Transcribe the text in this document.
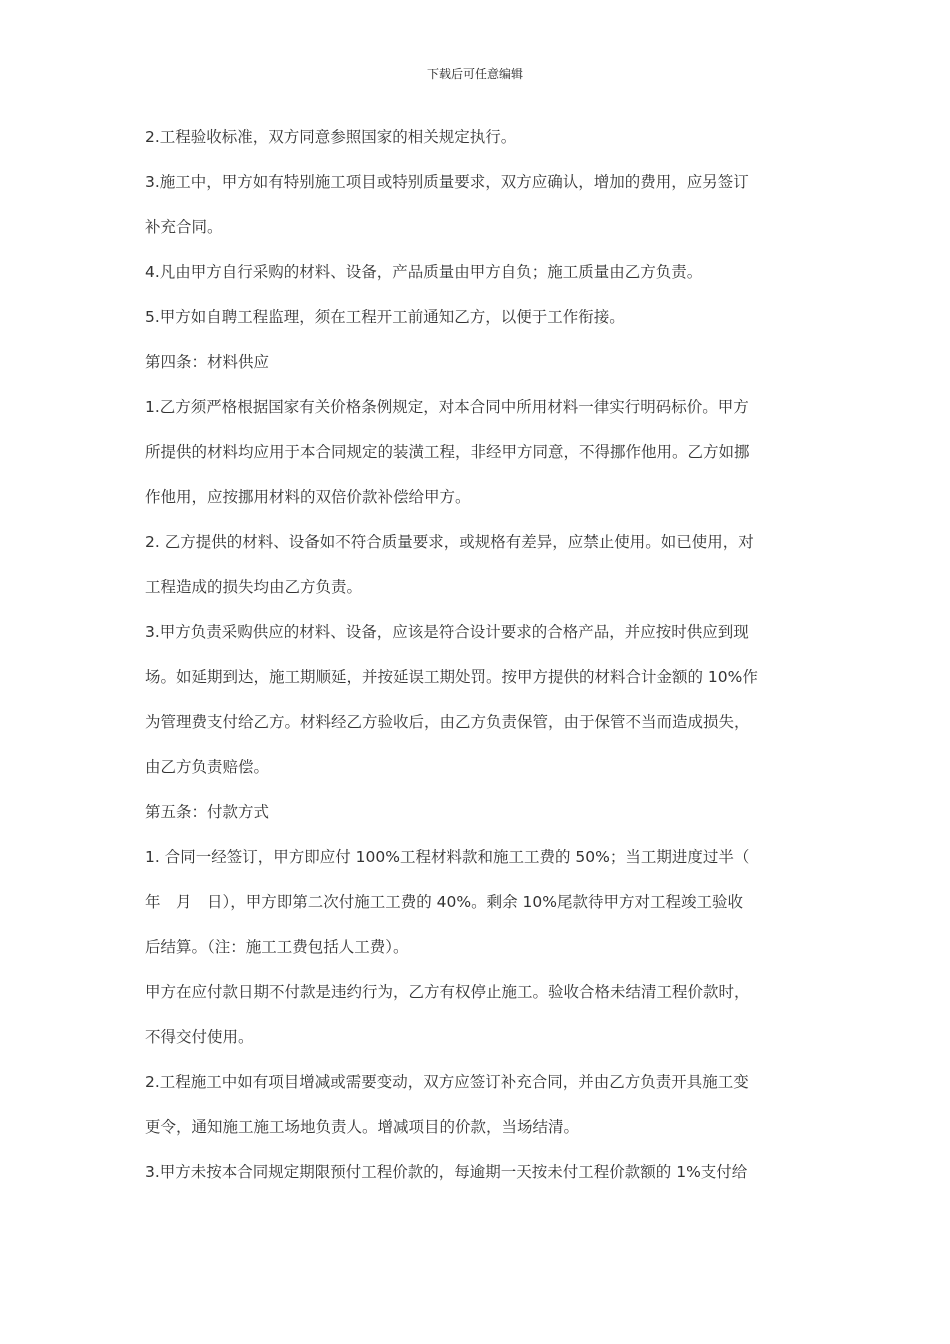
下载后可任意编辑
2.工程验收标准，双方同意参照国家的相关规定执行。
3.施工中，甲方如有特别施工项目或特别质量要求，双方应确认，增加的费用，应另签订
补充合同。
4.凡由甲方自行采购的材料、设备，产品质量由甲方自负；施工质量由乙方负责。
5.甲方如自聘工程监理，须在工程开工前通知乙方，以便于工作衔接。
第四条：材料供应
1.乙方须严格根据国家有关价格条例规定，对本合同中所用材料一律实行明码标价。甲方
所提供的材料均应用于本合同规定的装潢工程，非经甲方同意，不得挪作他用。乙方如挪
作他用，应按挪用材料的双倍价款补偿给甲方。
2. 乙方提供的材料、设备如不符合质量要求，或规格有差异，应禁止使用。如已使用，对
工程造成的损失均由乙方负责。
3.甲方负责采购供应的材料、设备，应该是符合设计要求的合格产品，并应按时供应到现
场。如延期到达，施工期顺延，并按延误工期处罚。按甲方提供的材料合计金额的 10%作
为管理费支付给乙方。材料经乙方验收后，由乙方负责保管，由于保管不当而造成损失，
由乙方负责赔偿。
第五条：付款方式
1. 合同一经签订，甲方即应付 100%工程材料款和施工工费的 50%；当工期进度过半（
年　月　日），甲方即第二次付施工工费的 40%。剩余 10%尾款待甲方对工程竣工验收
后结算。（注：施工工费包括人工费）。
甲方在应付款日期不付款是违约行为，乙方有权停止施工。验收合格未结清工程价款时，
不得交付使用。
2.工程施工中如有项目增减或需要变动，双方应签订补充合同，并由乙方负责开具施工变
更令，通知施工施工场地负责人。增减项目的价款，当场结清。
3.甲方未按本合同规定期限预付工程价款的，每逾期一天按未付工程价款额的 1%支付给
